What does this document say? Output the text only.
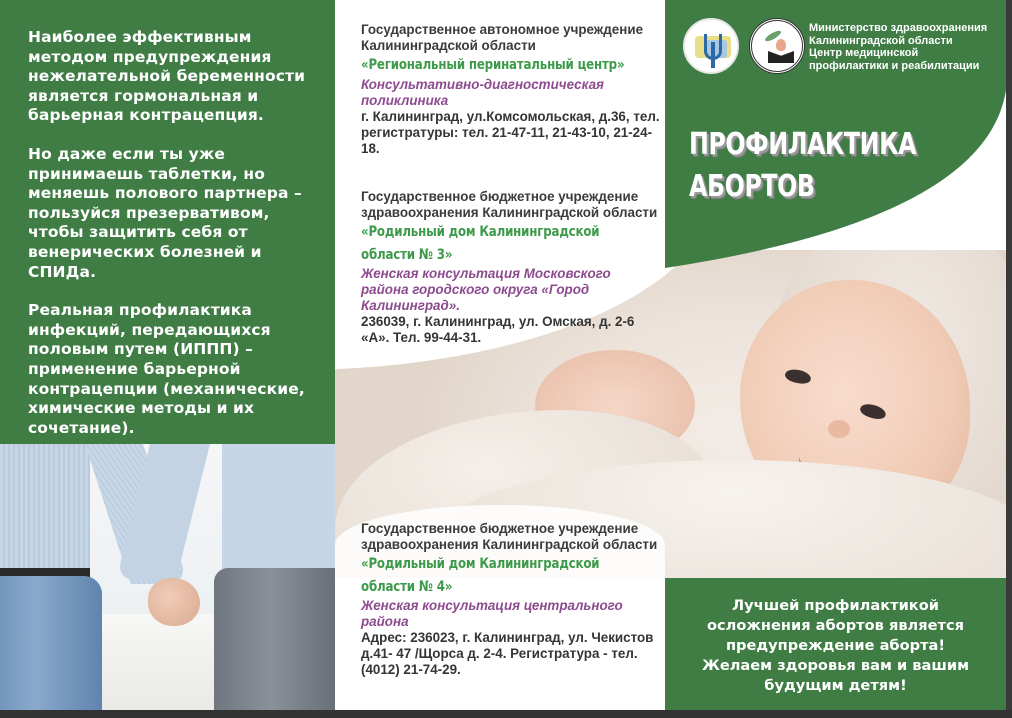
Наиболее эффективным методом предупреждения нежелательной беременности является гормональная и барьерная контрацепция.

Но даже если ты уже принимаешь таблетки, но меняешь полового партнера – пользуйся презервативом, чтобы защитить себя от венерических болезней и СПИДа.

Реальная профилактика инфекций, передающихся половым путем (ИППП) – применение барьерной контрацепции (механические, химические методы и их сочетание).

Государственное автономное учреждение Калининградской области
«Региональный перинатальный центр»
Консультативно-диагностическая поликлиника
г. Калининград, ул.Комсомольская, д.36, тел. регистратуры: тел. 21-47-11, 21-43-10, 21-24-18.
Государственное бюджетное учреждение здравоохранения Калининградской области
«Родильный дом Калининградской
области № 3»
Женская консультация Московского района городского округа «Город Калининград».
236039, г. Калининград, ул. Омская, д. 2-6 «А». Тел. 99-44-31.
Государственное бюджетное учреждение здравоохранения Калининградской области
«Родильный дом Калининградской
области № 4»
Женская консультация центрального района
Адрес: 236023, г. Калининград, ул. Чекистов д.41- 47 /Щорса д. 2-4. Регистратура - тел. (4012) 21-74-29.
Министерство здравоохранения
Калининградской области
Центр медицинской
профилактики и реабилитации
ПРОФИЛАКТИКА
АБОРТОВ

Лучшей профилактикой

осложнения абортов является

предупреждение аборта!

Желаем здоровья вам и вашим

будущим детям!
